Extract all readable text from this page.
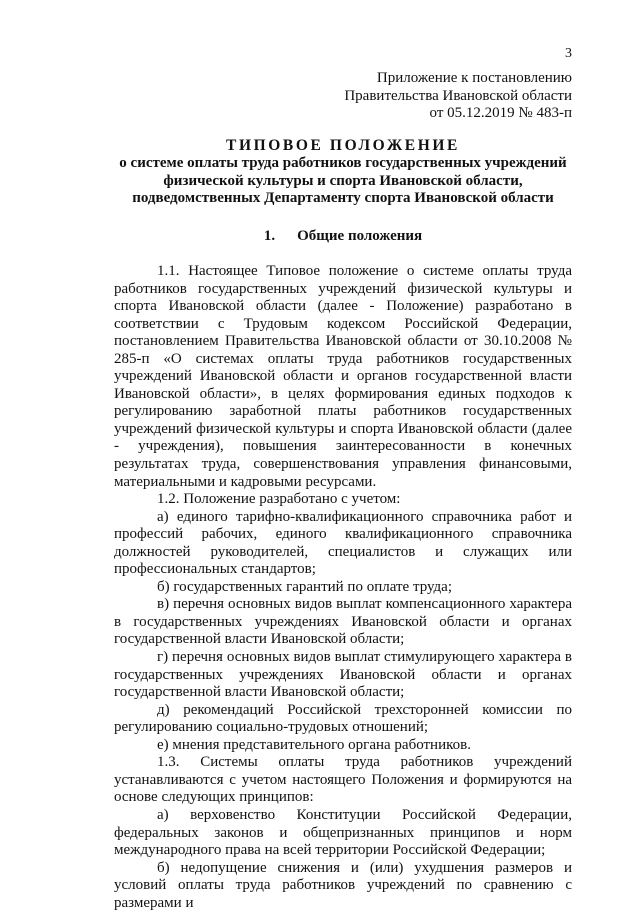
3
Приложение к постановлению
Правительства Ивановской области
от 05.12.2019 № 483-п
ТИПОВОЕ ПОЛОЖЕНИЕ
о системе оплаты труда работников государственных учреждений физической культуры и спорта Ивановской области, подведомственных Департаменту спорта Ивановской области
1. Общие положения

1.1. Настоящее Типовое положение о системе оплаты труда работников государственных учреждений физической культуры и спорта Ивановской области (далее - Положение) разработано в соответствии с Трудовым кодексом Российской Федерации, постановлением Правительства Ивановской области от 30.10.2008 № 285-п «О системах оплаты труда работников государственных учреждений Ивановской области и органов государственной власти Ивановской области», в целях формирования единых подходов к регулированию заработной платы работников государственных учреждений физической культуры и спорта Ивановской области (далее - учреждения), повышения заинтересованности в конечных результатах труда, совершенствования управления финансовыми, материальными и кадровыми ресурсами.

1.2. Положение разработано с учетом:

а) единого тарифно-квалификационного справочника работ и профессий рабочих, единого квалификационного справочника должностей руководителей, специалистов и служащих или профессиональных стандартов;

б) государственных гарантий по оплате труда;

в) перечня основных видов выплат компенсационного характера в государственных учреждениях Ивановской области и органах государственной власти Ивановской области;

г) перечня основных видов выплат стимулирующего характера в государственных учреждениях Ивановской области и органах государственной власти Ивановской области;

д) рекомендаций Российской трехсторонней комиссии по регулированию социально-трудовых отношений;

е) мнения представительного органа работников.

1.3. Системы оплаты труда работников учреждений устанавливаются с учетом настоящего Положения и формируются на основе следующих принципов:

а) верховенство Конституции Российской Федерации, федеральных законов и общепризнанных принципов и норм международного права на всей территории Российской Федерации;

б) недопущение снижения и (или) ухудшения размеров и условий оплаты труда работников учреждений по сравнению с размерами и
